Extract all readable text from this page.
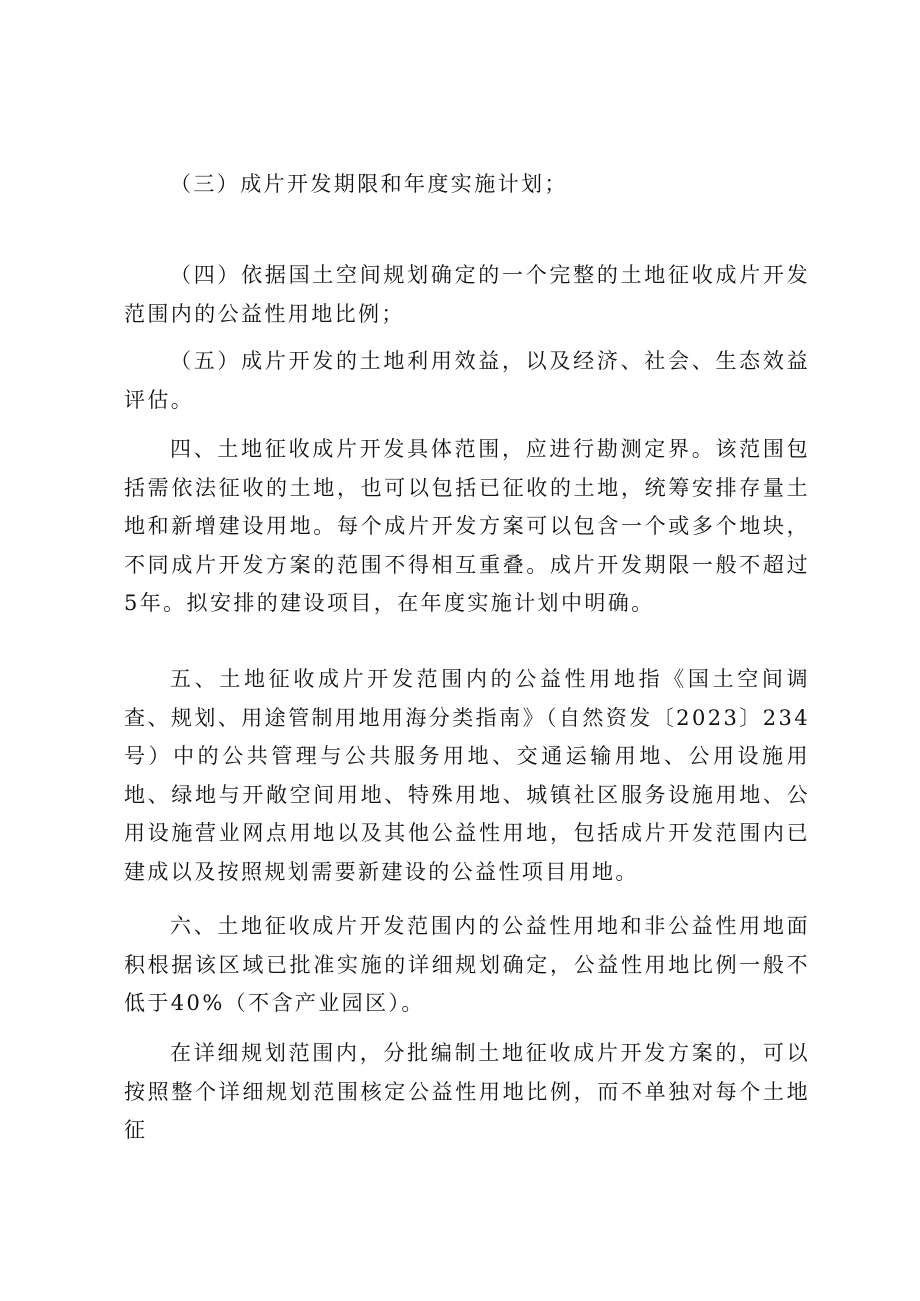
（三）成片开发期限和年度实施计划；

（四）依据国土空间规划确定的一个完整的土地征收成片开发范围内的公益性用地比例；

（五）成片开发的土地利用效益，以及经济、社会、生态效益评估。

四、土地征收成片开发具体范围，应进行勘测定界。该范围包括需依法征收的土地，也可以包括已征收的土地，统筹安排存量土地和新增建设用地。每个成片开发方案可以包含一个或多个地块，不同成片开发方案的范围不得相互重叠。成片开发期限一般不超过5年。拟安排的建设项目，在年度实施计划中明确。

五、土地征收成片开发范围内的公益性用地指《国土空间调查、规划、用途管制用地用海分类指南》（自然资发〔2023〕234号）中的公共管理与公共服务用地、交通运输用地、公用设施用地、绿地与开敞空间用地、特殊用地、城镇社区服务设施用地、公用设施营业网点用地以及其他公益性用地，包括成片开发范围内已建成以及按照规划需要新建设的公益性项目用地。

六、土地征收成片开发范围内的公益性用地和非公益性用地面积根据该区域已批准实施的详细规划确定，公益性用地比例一般不低于40%（不含产业园区）。

在详细规划范围内，分批编制土地征收成片开发方案的，可以按照整个详细规划范围核定公益性用地比例，而不单独对每个土地征
